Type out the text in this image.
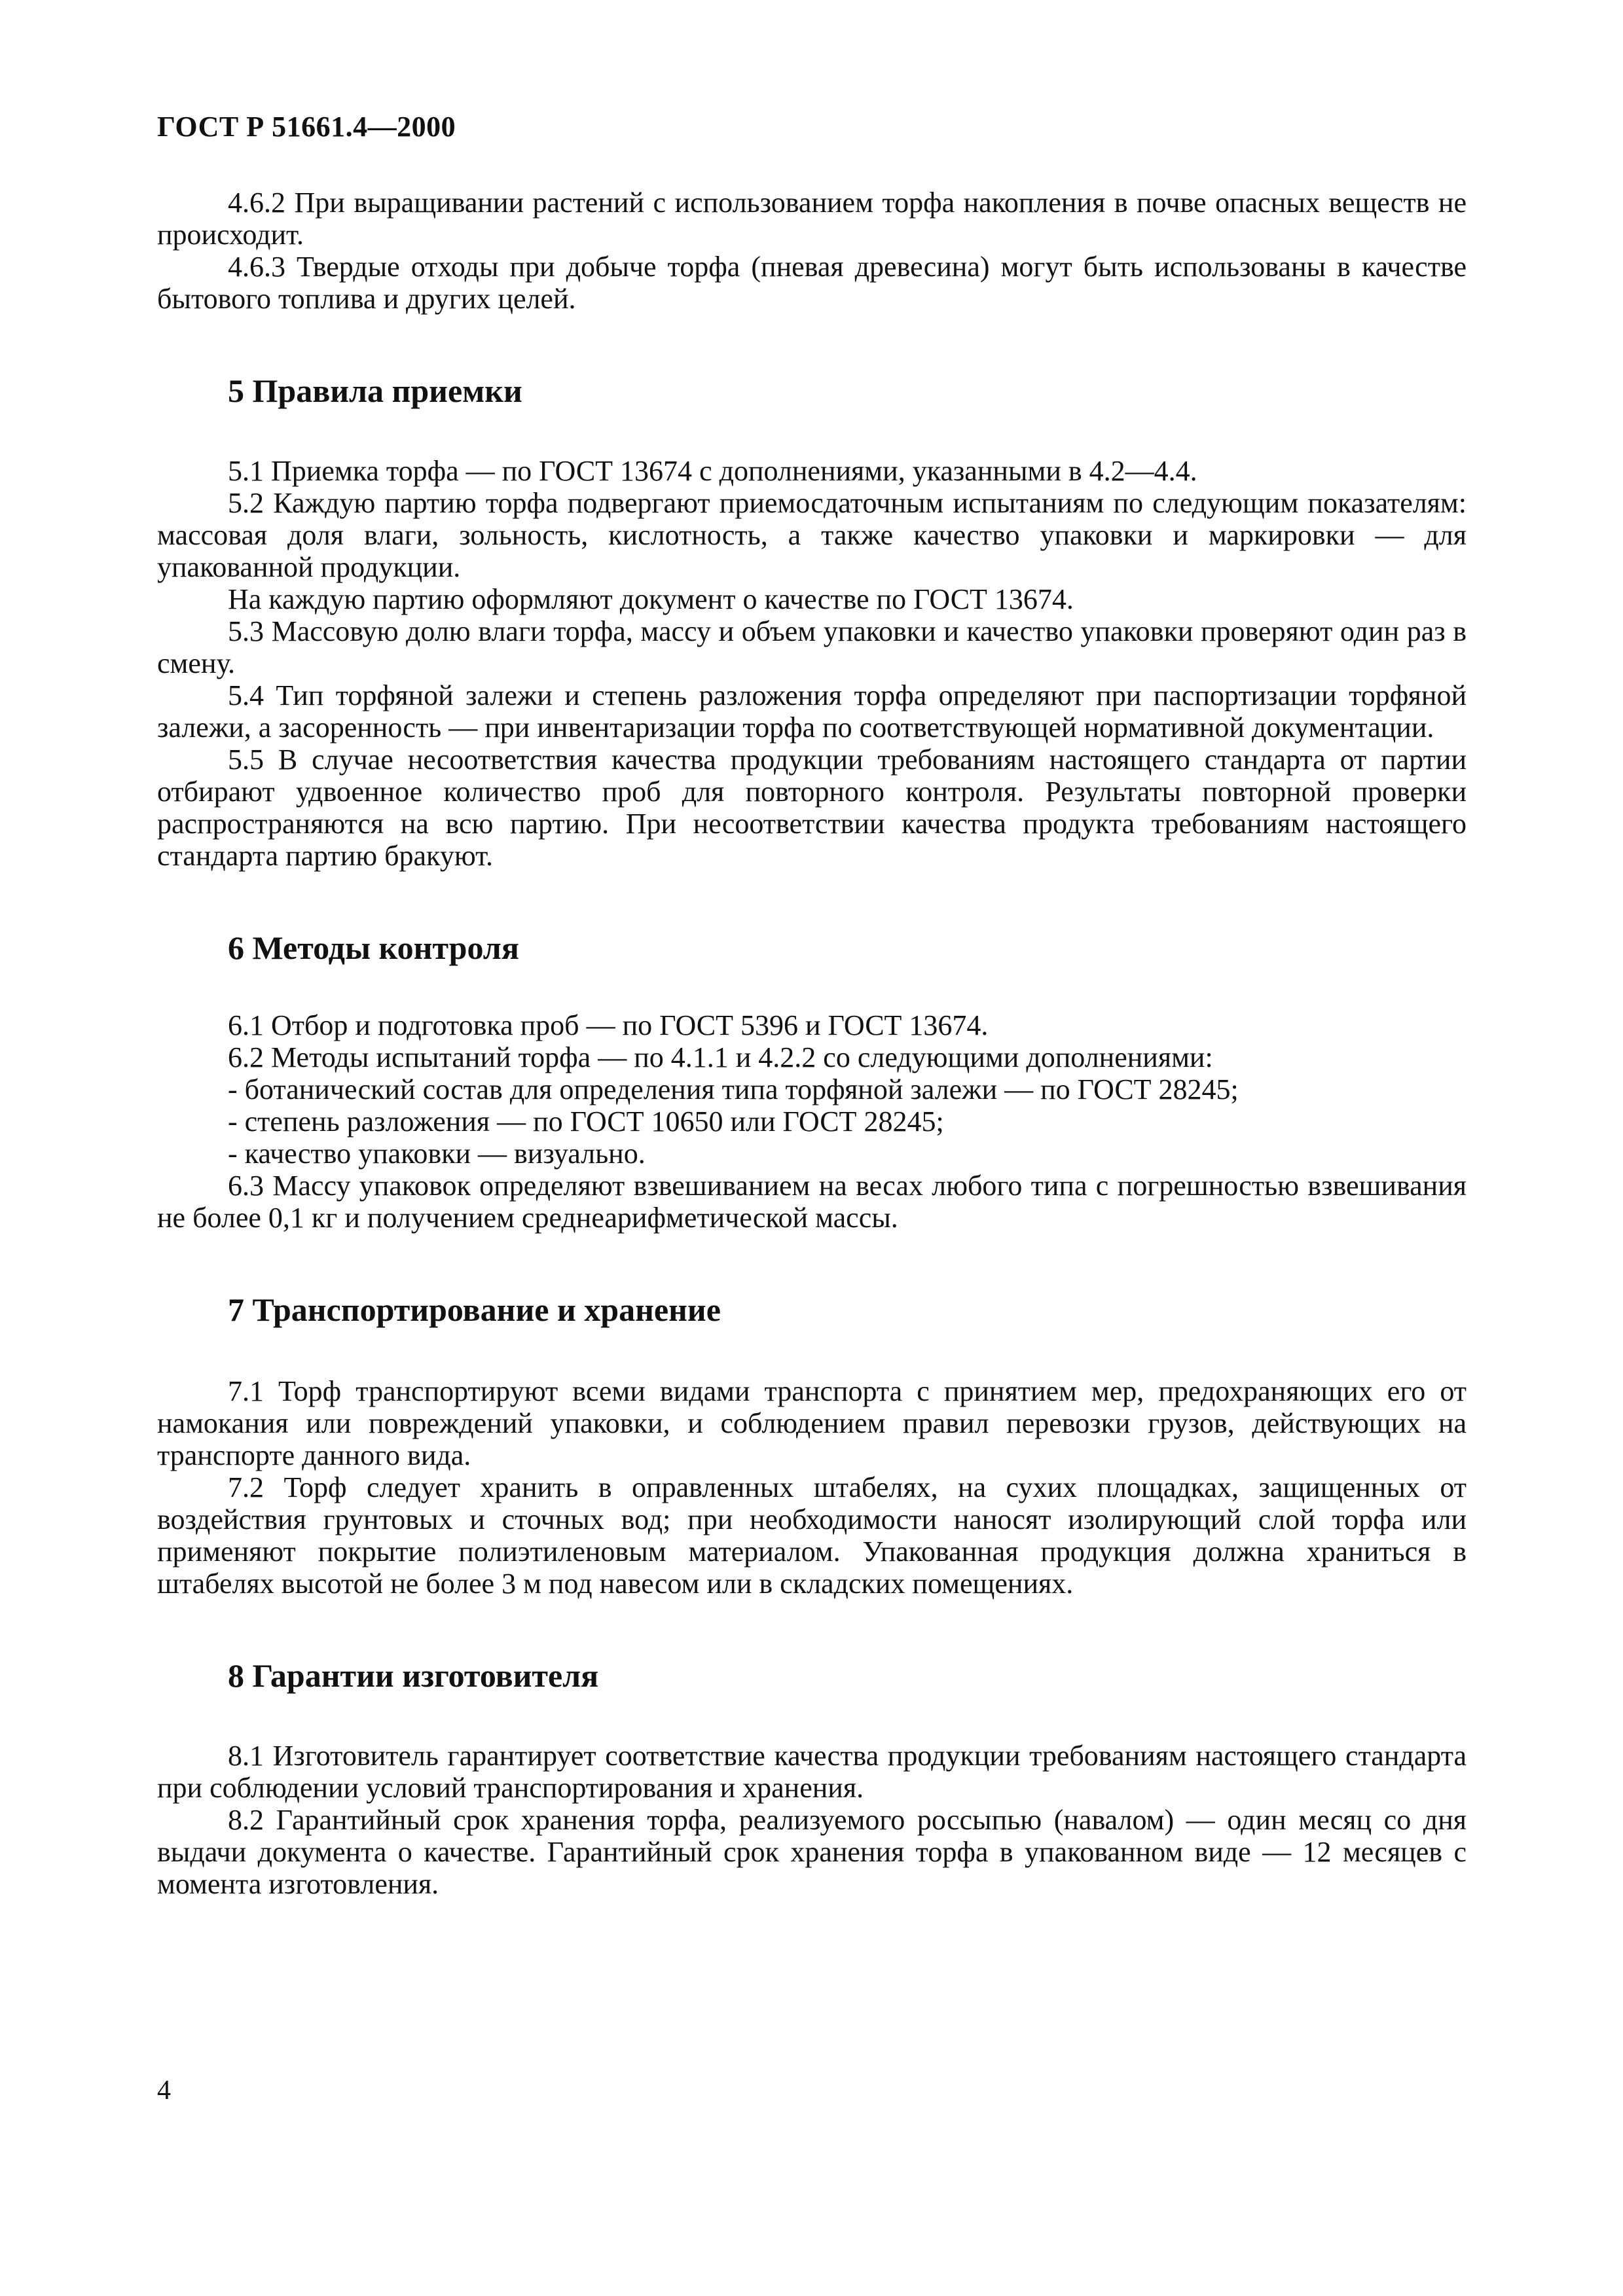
ГОСТ Р 51661.4—2000

4.6.2 При выращивании растений с использованием торфа накопления в почве опасных веществ не происходит.

4.6.3 Твердые отходы при добыче торфа (пневая древесина) могут быть использованы в качестве бытового топлива и других целей.

5 Правила приемки

5.1 Приемка торфа — по ГОСТ 13674 с дополнениями, указанными в 4.2—4.4.

5.2 Каждую партию торфа подвергают приемосдаточным испытаниям по следующим показателям: массовая доля влаги, зольность, кислотность, а также качество упаковки и маркировки — для упакованной продукции.

На каждую партию оформляют документ о качестве по ГОСТ 13674.

5.3 Массовую долю влаги торфа, массу и объем упаковки и качество упаковки проверяют один раз в смену.

5.4 Тип торфяной залежи и степень разложения торфа определяют при паспортизации торфяной залежи, а засоренность — при инвентаризации торфа по соответствующей нормативной документации.

5.5 В случае несоответствия качества продукции требованиям настоящего стандарта от партии отбирают удвоенное количество проб для повторного контроля. Результаты повторной проверки распространяются на всю партию. При несоответствии качества продукта требованиям настоящего стандарта партию бракуют.

6 Методы контроля

6.1 Отбор и подготовка проб — по ГОСТ 5396 и ГОСТ 13674.

6.2 Методы испытаний торфа — по 4.1.1 и 4.2.2 со следующими дополнениями:

- ботанический состав для определения типа торфяной залежи — по ГОСТ 28245;

- степень разложения — по ГОСТ 10650 или ГОСТ 28245;

- качество упаковки — визуально.

6.3 Массу упаковок определяют взвешиванием на весах любого типа с погрешностью взвешивания не более 0,1 кг и получением среднеарифметической массы.

7 Транспортирование и хранение

7.1 Торф транспортируют всеми видами транспорта с принятием мер, предохраняющих его от намокания или повреждений упаковки, и соблюдением правил перевозки грузов, действующих на транспорте данного вида.

7.2 Торф следует хранить в оправленных штабелях, на сухих площадках, защищенных от воздействия грунтовых и сточных вод; при необходимости наносят изолирующий слой торфа или применяют покрытие полиэтиленовым материалом. Упакованная продукция должна храниться в штабелях высотой не более 3 м под навесом или в складских помещениях.

8 Гарантии изготовителя

8.1 Изготовитель гарантирует соответствие качества продукции требованиям настоящего стандарта при соблюдении условий транспортирования и хранения.

8.2 Гарантийный срок хранения торфа, реализуемого россыпью (навалом) — один месяц со дня выдачи документа о качестве. Гарантийный срок хранения торфа в упакованном виде — 12 месяцев с момента изготовления.

4
